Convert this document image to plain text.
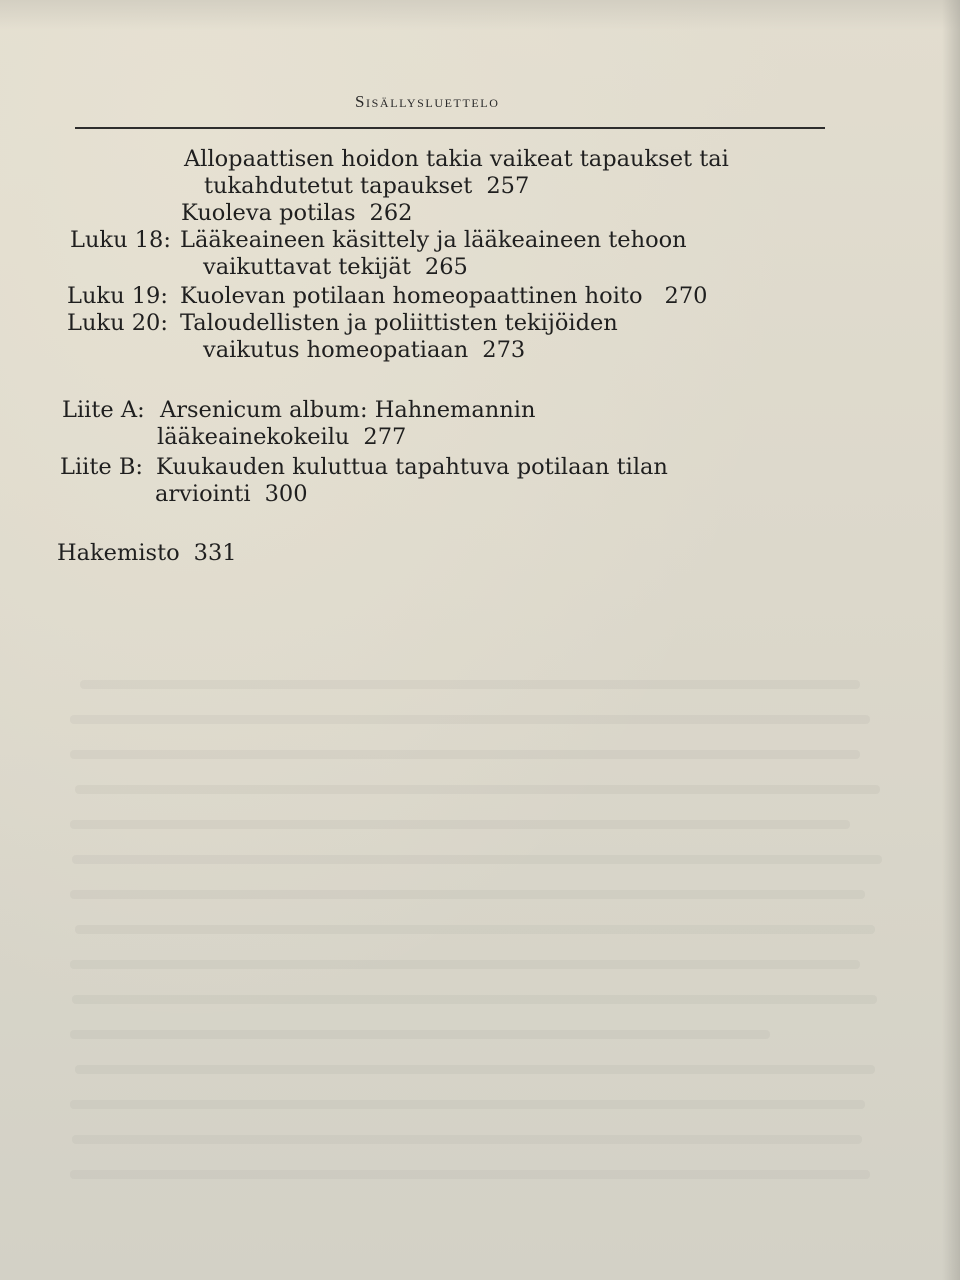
Sisällysluettelo
Allopaattisen hoidon takia vaikeat tapaukset tai
tukahdutetut tapaukset 257
Kuoleva potilas 262
Luku 18: Lääkeaineen käsittely ja lääkeaineen tehoon
vaikuttavat tekijät 265
Luku 19: Kuolevan potilaan homeopaattinen hoito 270
Luku 20: Taloudellisten ja poliittisten tekijöiden
vaikutus homeopatiaan 273
Liite A: Arsenicum album: Hahnemannin
lääkeainekokeilu 277
Liite B: Kuukauden kuluttua tapahtuva potilaan tilan
arviointi 300
Hakemisto 331
